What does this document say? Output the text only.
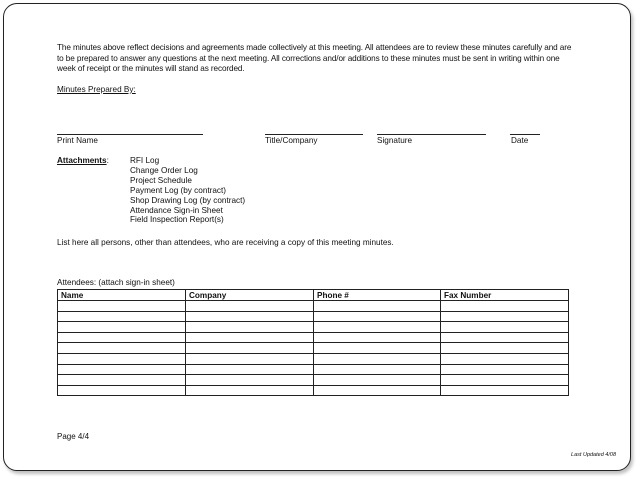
The minutes above reflect decisions and agreements made collectively at this meeting. All attendees are to review these minutes carefully and are to be prepared to answer any questions at the next meeting. All corrections and/or additions to these minutes must be sent in writing within one week of receipt or the minutes will stand as recorded.
Minutes Prepared By:
Print Name	Title/Company	Signature	Date
Attachments:	RFI Log
Change Order Log
Project Schedule
Payment Log (by contract)
Shop Drawing Log (by contract)
Attendance Sign-in Sheet
Field Inspection Report(s)
List here all persons, other than attendees, who are receiving a copy of this meeting minutes.
Attendees: (attach sign-in sheet)
Name	Company	Phone #	Fax Number

Page 4/4
Last Updated 4/08
